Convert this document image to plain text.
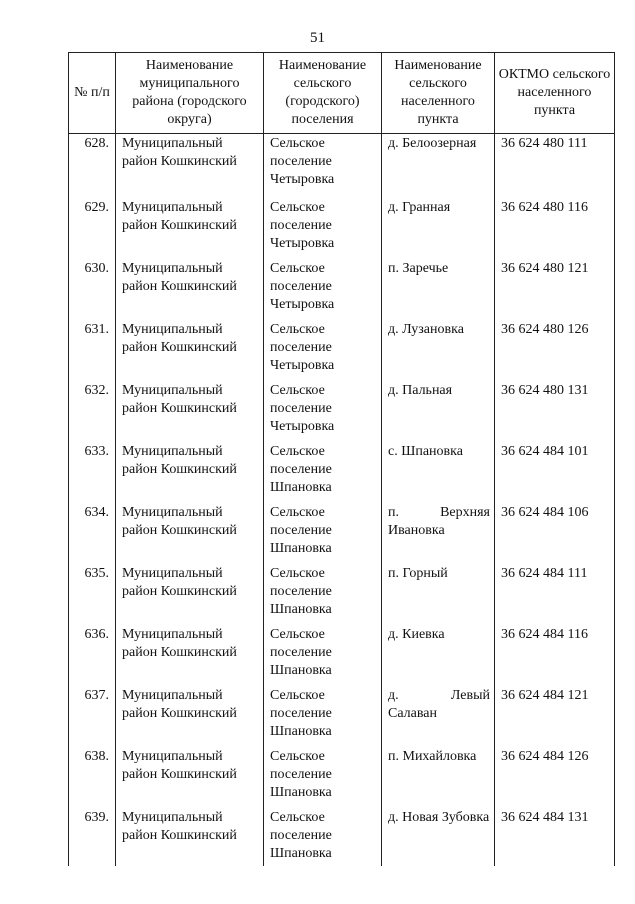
51
№ п/п	Наименование муниципального района (городского округа)	Наименование сельского (городского) поселения	Наименование сельского населенного пункта	ОКТМО сельского населенного пункта
628.	Муниципальный район Кошкинский	Сельское поселение Четыровка	д. Белоозерная	36 624 480 111
629.	Муниципальный район Кошкинский	Сельское поселение Четыровка	д. Гранная	36 624 480 116
630.	Муниципальный район Кошкинский	Сельское поселение Четыровка	п. Заречье	36 624 480 121
631.	Муниципальный район Кошкинский	Сельское поселение Четыровка	д. Лузановка	36 624 480 126
632.	Муниципальный район Кошкинский	Сельское поселение Четыровка	д. Пальная	36 624 480 131
633.	Муниципальный район Кошкинский	Сельское поселение Шпановка	с. Шпановка	36 624 484 101
634.	Муниципальный район Кошкинский	Сельское поселение Шпановка	п. Верхняя Ивановка	36 624 484 106
635.	Муниципальный район Кошкинский	Сельское поселение Шпановка	п. Горный	36 624 484 111
636.	Муниципальный район Кошкинский	Сельское поселение Шпановка	д. Киевка	36 624 484 116
637.	Муниципальный район Кошкинский	Сельское поселение Шпановка	д. Левый Салаван	36 624 484 121
638.	Муниципальный район Кошкинский	Сельское поселение Шпановка	п. Михайловка	36 624 484 126
639.	Муниципальный район Кошкинский	Сельское поселение Шпановка	д. Новая Зубовка	36 624 484 131
